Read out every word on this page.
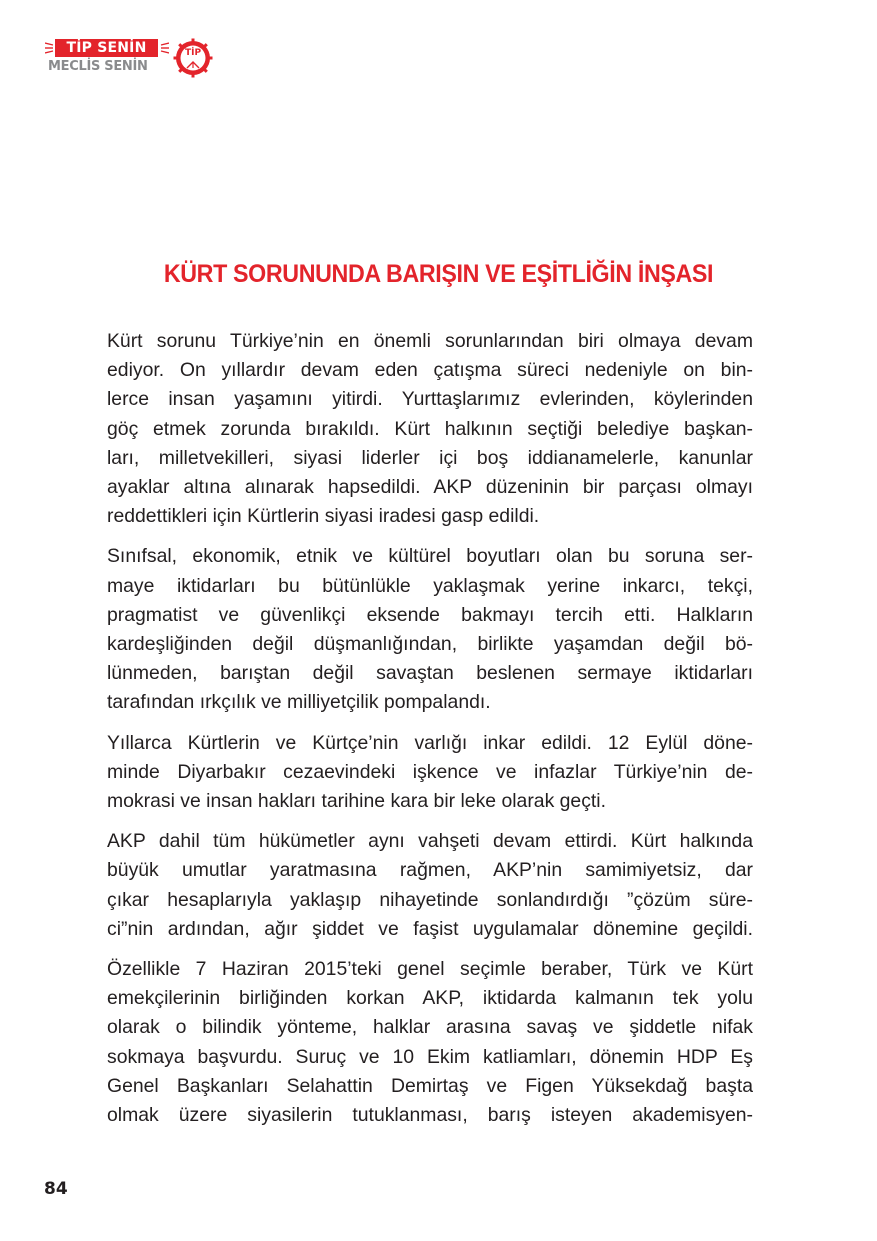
TİP SENİN
MECLİS SENİN
TİP
KÜRT SORUNUNDA BARIŞIN VE EŞİTLİĞİN İNŞASI

Kürt sorunu Türkiye’nin en önemli sorunlarından biri olmaya devam
ediyor. On yıllardır devam eden çatışma süreci nedeniyle on bin-
lerce insan yaşamını yitirdi. Yurttaşlarımız evlerinden, köylerinden
göç etmek zorunda bırakıldı. Kürt halkının seçtiği belediye başkan-
ları, milletvekilleri, siyasi liderler içi boş iddianamelerle, kanunlar
ayaklar altına alınarak hapsedildi. AKP düzeninin bir parçası olmayı
reddettikleri için Kürtlerin siyasi iradesi gasp edildi.

Sınıfsal, ekonomik, etnik ve kültürel boyutları olan bu soruna ser-
maye iktidarları bu bütünlükle yaklaşmak yerine inkarcı, tekçi,
pragmatist ve güvenlikçi eksende bakmayı tercih etti. Halkların
kardeşliğinden değil düşmanlığından, birlikte yaşamdan değil bö-
lünmeden, barıştan değil savaştan beslenen sermaye iktidarları
tarafından ırkçılık ve milliyetçilik pompalandı.

Yıllarca Kürtlerin ve Kürtçe’nin varlığı inkar edildi. 12 Eylül döne-
minde Diyarbakır cezaevindeki işkence ve infazlar Türkiye’nin de-
mokrasi ve insan hakları tarihine kara bir leke olarak geçti.

AKP dahil tüm hükümetler aynı vahşeti devam ettirdi. Kürt halkında
büyük umutlar yaratmasına rağmen, AKP’nin samimiyetsiz, dar
çıkar hesaplarıyla yaklaşıp nihayetinde sonlandırdığı ”çözüm süre-
ci”nin ardından, ağır şiddet ve faşist uygulamalar dönemine geçildi.

Özellikle 7 Haziran 2015’teki genel seçimle beraber, Türk ve Kürt
emekçilerinin birliğinden korkan AKP, iktidarda kalmanın tek yolu
olarak o bilindik yönteme, halklar arasına savaş ve şiddetle nifak
sokmaya başvurdu. Suruç ve 10 Ekim katliamları, dönemin HDP Eş
Genel Başkanları Selahattin Demirtaş ve Figen Yüksekdağ başta
olmak üzere siyasilerin tutuklanması, barış isteyen akademisyen-

84
